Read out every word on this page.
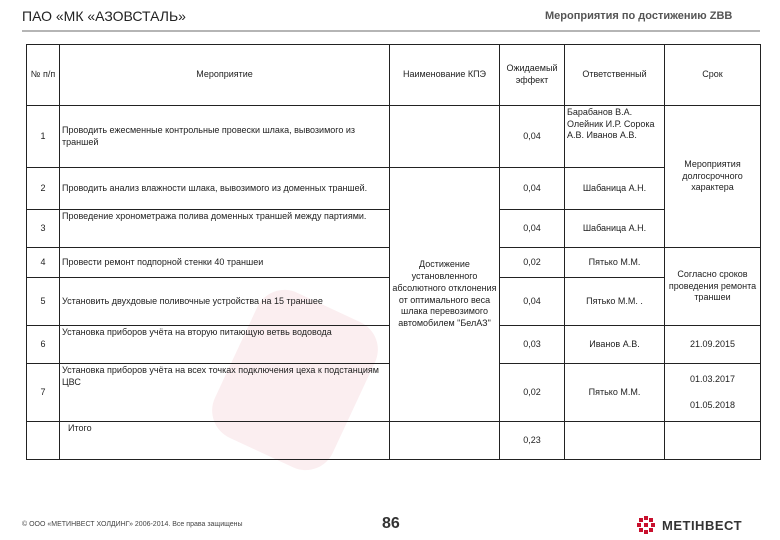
ПАО «МК «АЗОВСТАЛЬ»	Мероприятия по достижению ZBB
№ п/п	Мероприятие	Наименование КПЭ	Ожидаемый эффект	Ответственный	Срок
1	Проводить ежесменные контрольные провески шлака, вывозимого из траншей		0,04	Барабанов В.А. Олейник И.Р. Сорока А.В. Иванов А.В.	Мероприятия долгосрочного характера
2	Проводить анализ влажности шлака, вывозимого из доменных траншей.	Достижение установленного абсолютного отклонения от оптимального веса шлака перевозимого автомобилем "БелАЗ"	0,04	Шабаница А.Н.	
3	Проведение хронометража полива доменных траншей между партиями.		0,04	Шабаница А.Н.	
4	Провести ремонт подпорной стенки 40 траншеи		0,02	Пятько М.М.	Согласно сроков проведения ремонта траншеи
5	Установить двухдовые поливочные устройства на 15 траншее		0,04	Пятько М.М. .	
6	Установка приборов учёта на вторую питающую ветвь водовода		0,03	Иванов А.В.	21.09.2015
7	Установка приборов учёта на всех точках подключения цеха к подстанциям ЦВС		0,02	Пятько М.М.	01.03.2017
01.05.2018

	Итого		0,23		
© ООО «МЕТИНВЕСТ ХОЛДИНГ» 2006-2014. Все права защищены	86	МЕТІНВЕСТ
